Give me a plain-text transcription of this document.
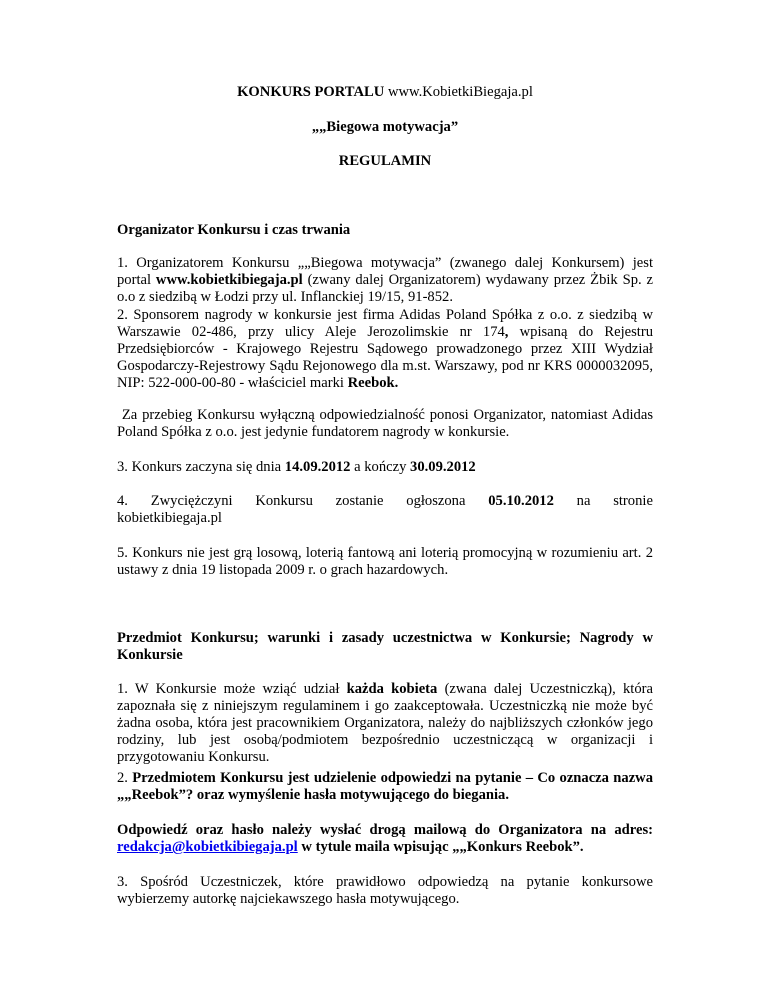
KONKURS PORTALU www.KobietkiBiegaja.pl

„„Biegowa motywacja”

REGULAMIN

Organizator Konkursu i czas trwania

1. Organizatorem Konkursu „„Biegowa motywacja” (zwanego dalej Konkursem) jest portal www.kobietkibiegaja.pl (zwany dalej Organizatorem) wydawany przez Żbik Sp. z o.o z siedzibą w Łodzi przy ul. Inflanckiej 19/15, 91-852.

2. Sponsorem nagrody w konkursie jest firma Adidas Poland Spółka z o.o. z siedzibą w Warszawie 02-486, przy ulicy Aleje Jerozolimskie nr 174, wpisaną do Rejestru Przedsiębiorców - Krajowego Rejestru Sądowego prowadzonego przez XIII Wydział Gospodarczy-Rejestrowy Sądu Rejonowego dla m.st. Warszawy, pod nr KRS 0000032095, NIP: 522-000-00-80 - właściciel marki Reebok.

Za przebieg Konkursu wyłączną odpowiedzialność ponosi Organizator, natomiast Adidas Poland Spółka z o.o. jest jedynie fundatorem nagrody w konkursie.

3. Konkurs zaczyna się dnia 14.09.2012 a kończy 30.09.2012

4. Zwyciężczyni Konkursu zostanie ogłoszona 05.10.2012 na stronie
kobietkibiegaja.pl

5. Konkurs nie jest grą losową, loterią fantową ani loterią promocyjną w rozumieniu art. 2 ustawy z dnia 19 listopada 2009 r. o grach hazardowych.

Przedmiot Konkursu; warunki i zasady uczestnictwa w Konkursie; Nagrody w Konkursie

1. W Konkursie może wziąć udział każda kobieta (zwana dalej Uczestniczką), która zapoznała się z niniejszym regulaminem i go zaakceptowała. Uczestniczką nie może być żadna osoba, która jest pracownikiem Organizatora, należy do najbliższych członków jego rodziny, lub jest osobą/podmiotem bezpośrednio uczestniczącą w organizacji i przygotowaniu Konkursu.

2. Przedmiotem Konkursu jest udzielenie odpowiedzi na pytanie – Co oznacza nazwa „„Reebok”? oraz wymyślenie hasła motywującego do biegania.

Odpowiedź oraz hasło należy wysłać drogą mailową do Organizatora na adres: redakcja@kobietkibiegaja.pl w tytule maila wpisując „„Konkurs Reebok”.

3. Spośród Uczestniczek, które prawidłowo odpowiedzą na pytanie konkursowe wybierzemy autorkę najciekawszego hasła motywującego.
